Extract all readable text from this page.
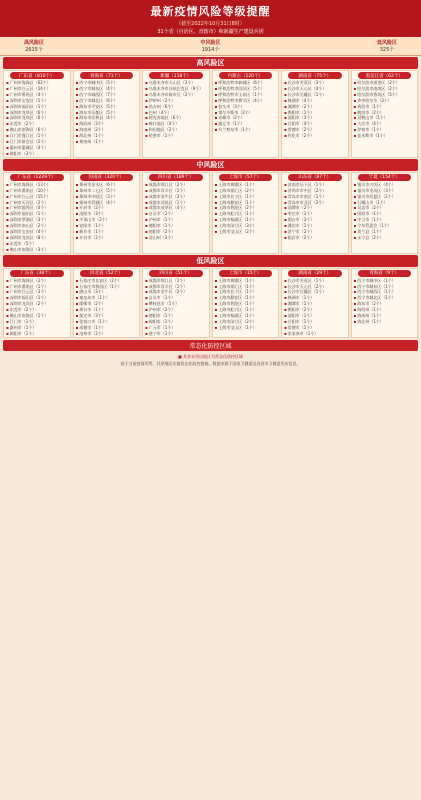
最新疫情风险等级提醒
（截至2022年10月31日8时）
31个省（自治区、直辖市）和新疆生产建设兵团
高风险区
2615个
中风险区
1914个
低风险区
325个
高风险区
广东省（810个）
▪ 广州市海珠区（62个）
▪ 广州市白云区（14个）
▪ 广州市番禺区（4个）
▪ 深圳市宝安区（1个）
▪ 深圳市福田区（1个）
▪ 深圳市龙华区（6个）
▪ 深圳市龙岗区（6个）
▪ 东莞市（2个）
▪ 佛山市南海区（6个）
▪ 江门市蓬江区（1个）
▪ 江门市新会区（2个）
▪ 惠州市惠城区（4个）
▪ 揭阳市（3个）
青海省（71个）
▪ 西宁市城中区（5个）
▪ 西宁市城东区（4个）
▪ 西宁市城西区（7个）
▪ 西宁市城北区（6个）
▪ 海东市平安区（5个）
▪ 海东市乐都区（5个）
▪ 海东市民和县（4个）
▪ 海西州（3个）
▪ 海南州（2个）
▪ 海北州（1个）
▪ 黄南州（1个）
新疆（118个）
▪ 乌鲁木齐市天山区（3个）
▪ 乌鲁木齐市沙依巴克区（9个）
▪ 乌鲁木齐市新市区（2个）
▪ 伊犁州（2个）
▪ 昌吉州（6个）
▪ 巴州（4个）
▪ 阿克苏地区（6个）
▪ 喀什地区（4个）
▪ 和田地区（2个）
▪ 哈密市（1个）
内蒙古（120个）
▪ 呼和浩特市新城区（6个）
▪ 呼和浩特市回民区（5个）
▪ 呼和浩特市玉泉区（1个）
▪ 呼和浩特市赛罕区（4个）
▪ 包头市（3个）
▪ 鄂尔多斯市（2个）
▪ 赤峰市（2个）
▪ 通辽市（1个）
▪ 乌兰察布市（1个）
湖南省（75个）
▪ 长沙市芙蓉区（3个）
▪ 长沙市天心区（4个）
▪ 长沙市岳麓区（1个）
▪ 株洲市（4个）
▪ 湘潭市（2个）
▪ 衡阳市（1个）
▪ 邵阳市（3个）
▪ 岳阳市（4个）
▪ 常德市（2个）
▪ 怀化市（2个）
黑龙江省（62个）
▪ 哈尔滨市道里区（2个）
▪ 哈尔滨市南岗区（2个）
▪ 哈尔滨市香坊区（5个）
▪ 齐齐哈尔市（3个）
▪ 鸡西市（1个）
▪ 鹤岗市（2个）
▪ 双鸭山市（1个）
▪ 大庆市（4个）
▪ 伊春市（1个）
▪ 佳木斯市（1个）
中风险区
广东省（1229个）
▪ 广州市海珠区（13个）
▪ 广州市番禺区（10个）
▪ 广州市白云区（15个）
▪ 广州市天河区（2个）
▪ 广州市越秀区（4个）
▪ 深圳市福田区（1个）
▪ 深圳市罗湖区（3个）
▪ 深圳市南山区（2个）
▪ 深圳市宝安区（4个）
▪ 深圳市龙岗区（8个）
▪ 东莞市（5个）
▪ 佛山市南海区（3个）
河南省（320个）
▪ 郑州市金水区（6个）
▪ 郑州市二七区（5个）
▪ 郑州市中原区（3个）
▪ 郑州市管城区（4个）
▪ 开封市（2个）
▪ 洛阳市（3个）
▪ 平顶山市（2个）
▪ 安阳市（1个）
▪ 新乡市（1个）
▪ 许昌市（2个）
四川省（189个）
▪ 成都市锦江区（2个）
▪ 成都市青羊区（1个）
▪ 成都市金牛区（3个）
▪ 成都市武侯区（1个）
▪ 成都市成华区（4个）
▪ 自贡市（2个）
▪ 泸州市（1个）
▪ 德阳市（1个）
▪ 绵阳市（2个）
▪ 凉山州（3个）
上海市（57个）
▪ 上海市黄浦区（1个）
▪ 上海市徐汇区（2个）
▪ 上海市长宁区（1个）
▪ 上海市静安区（1个）
▪ 上海市普陀区（2个）
▪ 上海市虹口区（1个）
▪ 上海市杨浦区（1个）
▪ 上海市闵行区（3个）
▪ 上海市宝山区（2个）
山东省（87个）
▪ 济南市历下区（1个）
▪ 济南市市中区（2个）
▪ 青岛市市南区（1个）
▪ 青岛市市北区（2个）
▪ 淄博市（2个）
▪ 枣庄市（1个）
▪ 烟台市（3个）
▪ 潍坊市（1个）
▪ 济宁市（2个）
▪ 临沂市（2个）
宁夏（154个）
▪ 银川市兴庆区（4个）
▪ 银川市金凤区（3个）
▪ 银川市西夏区（2个）
▪ 石嘴山市（1个）
▪ 吴忠市（2个）
▪ 固原市（1个）
▪ 中卫市（1个）
▪ 宁东管委会（1个）
▪ 贺兰县（1个）
▪ 永宁县（2个）
低风险区
广东省（38个）
▪ 广州市海珠区（2个）
▪ 广州市番禺区（1个）
▪ 广州市白云区（3个）
▪ 深圳市福田区（1个）
▪ 深圳市龙岗区（2个）
▪ 东莞市（2个）
▪ 佛山市南海区（1个）
▪ 江门市（1个）
▪ 惠州市（1个）
▪ 揭阳市（1个）
河北省（52个）
▪ 石家庄市长安区（2个）
▪ 石家庄市桥西区（1个）
▪ 唐山市（3个）
▪ 秦皇岛市（1个）
▪ 邯郸市（2个）
▪ 邢台市（1个）
▪ 保定市（3个）
▪ 张家口市（1个）
▪ 承德市（1个）
▪ 沧州市（2个）
四川省（51个）
▪ 成都市锦江区（1个）
▪ 成都市青羊区（1个）
▪ 成都市金牛区（2个）
▪ 自贡市（1个）
▪ 攀枝花市（1个）
▪ 泸州市（2个）
▪ 德阳市（1个）
▪ 绵阳市（1个）
▪ 广元市（1个）
▪ 遂宁市（1个）
上海市（15个）
▪ 上海市黄浦区（1个）
▪ 上海市徐汇区（1个）
▪ 上海市长宁区（1个）
▪ 上海市静安区（1个）
▪ 上海市普陀区（1个）
▪ 上海市虹口区（1个）
▪ 上海市杨浦区（1个）
▪ 上海市闵行区（2个）
▪ 上海市宝山区（1个）
湖南省（29个）
▪ 长沙市芙蓉区（1个）
▪ 长沙市天心区（2个）
▪ 长沙市岳麓区（1个）
▪ 株洲市（1个）
▪ 湘潭市（1个）
▪ 衡阳市（2个）
▪ 邵阳市（1个）
▪ 岳阳市（1个）
▪ 常德市（1个）
▪ 张家界市（1个）
青海省（9个）
▪ 西宁市城中区（1个）
▪ 西宁市城东区（1个）
▪ 西宁市城西区（1个）
▪ 西宁市城北区（1个）
▪ 海东市（2个）
▪ 海西州（1个）
▪ 海南州（1个）
▪ 海北州（1个）
常态化防控区域
■ 其余未列出地区为常态化防控区域
基于当前疫情形势，其余地区实施常态化防控措施，数据来源于国家卫健委及各省市卫健委发布信息。
